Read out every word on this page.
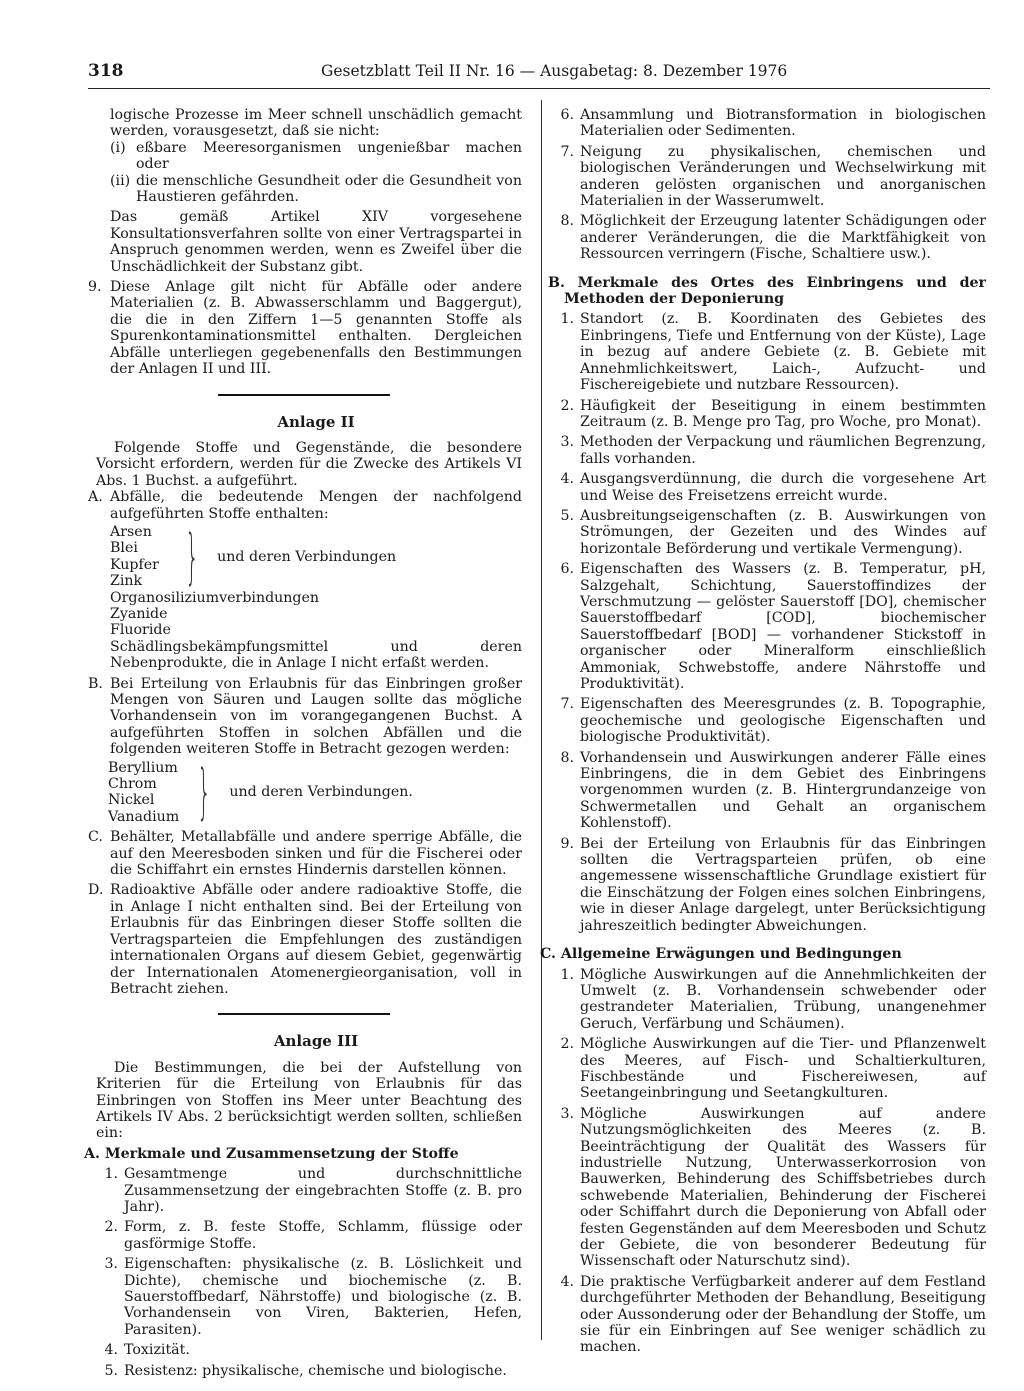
318	Gesetzblatt Teil II Nr. 16 — Ausgabetag: 8. Dezember 1976

logische Prozesse im Meer schnell unschädlich gemacht werden, vorausgesetzt, daß sie nicht:

(i) eßbare Meeresorganismen ungenießbar machen oder
(ii) die menschliche Gesundheit oder die Gesundheit von Haustieren gefährden.

Das gemäß Artikel XIV vorgesehene Konsultationsverfahren sollte von einer Vertragspartei in Anspruch genommen werden, wenn es Zweifel über die Unschädlichkeit der Substanz gibt.

9. Diese Anlage gilt nicht für Abfälle oder andere Materialien (z. B. Abwasserschlamm und Baggergut), die die in den Ziffern 1—5 genannten Stoffe als Spurenkontaminationsmittel enthalten. Dergleichen Abfälle unterliegen gegebenenfalls den Bestimmungen der Anlagen II und III.
Anlage II

Folgende Stoffe und Gegenstände, die besondere Vorsicht erfordern, werden für die Zwecke des Artikels VI Abs. 1 Buchst. a aufgeführt.

A. Abfälle, die bedeutende Mengen der nachfolgend aufgeführten Stoffe enthalten:
Arsen
Blei
Kupfer
Zink } und deren Verbindungen
Organosiliziumverbindungen
Zyanide
Fluoride

Schädlingsbekämpfungsmittel und deren Nebenprodukte, die in Anlage I nicht erfaßt werden.

B. Bei Erteilung von Erlaubnis für das Einbringen großer Mengen von Säuren und Laugen sollte das mögliche Vorhandensein von im vorangegangenen Buchst. A aufgeführten Stoffen in solchen Abfällen und die folgenden weiteren Stoffe in Betracht gezogen werden:
Beryllium
Chrom
Nickel
Vanadium } und deren Verbindungen.
C. Behälter, Metallabfälle und andere sperrige Abfälle, die auf den Meeresboden sinken und für die Fischerei oder die Schiffahrt ein ernstes Hindernis darstellen können.
D. Radioaktive Abfälle oder andere radioaktive Stoffe, die in Anlage I nicht enthalten sind. Bei der Erteilung von Erlaubnis für das Einbringen dieser Stoffe sollten die Vertragsparteien die Empfehlungen des zuständigen internationalen Organs auf diesem Gebiet, gegenwärtig der Internationalen Atomenergieorganisation, voll in Betracht ziehen.
Anlage III

Die Bestimmungen, die bei der Aufstellung von Kriterien für die Erteilung von Erlaubnis für das Einbringen von Stoffen ins Meer unter Beachtung des Artikels IV Abs. 2 berücksichtigt werden sollten, schließen ein:

A. Merkmale und Zusammensetzung der Stoffe
1. Gesamtmenge und durchschnittliche Zusammensetzung der eingebrachten Stoffe (z. B. pro Jahr).
2. Form, z. B. feste Stoffe, Schlamm, flüssige oder gasförmige Stoffe.
3. Eigenschaften: physikalische (z. B. Löslichkeit und Dichte), chemische und biochemische (z. B. Sauerstoffbedarf, Nährstoffe) und biologische (z. B. Vorhandensein von Viren, Bakterien, Hefen, Parasiten).
4. Toxizität.
5. Resistenz: physikalische, chemische und biologische.
6. Ansammlung und Biotransformation in biologischen Materialien oder Sedimenten.
7. Neigung zu physikalischen, chemischen und biologischen Veränderungen und Wechselwirkung mit anderen gelösten organischen und anorganischen Materialien in der Wasserumwelt.
8. Möglichkeit der Erzeugung latenter Schädigungen oder anderer Veränderungen, die die Marktfähigkeit von Ressourcen verringern (Fische, Schaltiere usw.).
B. Merkmale des Ortes des Einbringens und der Methoden der Deponierung
1. Standort (z. B. Koordinaten des Gebietes des Einbringens, Tiefe und Entfernung von der Küste), Lage in bezug auf andere Gebiete (z. B. Gebiete mit Annehmlichkeitswert, Laich-, Aufzucht- und Fischereigebiete und nutzbare Ressourcen).
2. Häufigkeit der Beseitigung in einem bestimmten Zeitraum (z. B. Menge pro Tag, pro Woche, pro Monat).
3. Methoden der Verpackung und räumlichen Begrenzung, falls vorhanden.
4. Ausgangsverdünnung, die durch die vorgesehene Art und Weise des Freisetzens erreicht wurde.
5. Ausbreitungseigenschaften (z. B. Auswirkungen von Strömungen, der Gezeiten und des Windes auf horizontale Beförderung und vertikale Vermengung).
6. Eigenschaften des Wassers (z. B. Temperatur, pH, Salzgehalt, Schichtung, Sauerstoffindizes der Verschmutzung — gelöster Sauerstoff [DO], chemischer Sauerstoffbedarf [COD], biochemischer Sauerstoffbedarf [BOD] — vorhandener Stickstoff in organischer oder Mineralform einschließlich Ammoniak, Schwebstoffe, andere Nährstoffe und Produktivität).
7. Eigenschaften des Meeresgrundes (z. B. Topographie, geochemische und geologische Eigenschaften und biologische Produktivität).
8. Vorhandensein und Auswirkungen anderer Fälle eines Einbringens, die in dem Gebiet des Einbringens vorgenommen wurden (z. B. Hintergrundanzeige von Schwermetallen und Gehalt an organischem Kohlenstoff).
9. Bei der Erteilung von Erlaubnis für das Einbringen sollten die Vertragsparteien prüfen, ob eine angemessene wissenschaftliche Grundlage existiert für die Einschätzung der Folgen eines solchen Einbringens, wie in dieser Anlage dargelegt, unter Berücksichtigung jahreszeitlich bedingter Abweichungen.
C. Allgemeine Erwägungen und Bedingungen
1. Mögliche Auswirkungen auf die Annehmlichkeiten der Umwelt (z. B. Vorhandensein schwebender oder gestrandeter Materialien, Trübung, unangenehmer Geruch, Verfärbung und Schäumen).
2. Mögliche Auswirkungen auf die Tier- und Pflanzenwelt des Meeres, auf Fisch- und Schaltierkulturen, Fischbestände und Fischereiwesen, auf Seetangeinbringung und Seetangkulturen.
3. Mögliche Auswirkungen auf andere Nutzungsmöglichkeiten des Meeres (z. B. Beeinträchtigung der Qualität des Wassers für industrielle Nutzung, Unterwasserkorrosion von Bauwerken, Behinderung des Schiffsbetriebes durch schwebende Materialien, Behinderung der Fischerei oder Schiffahrt durch die Deponierung von Abfall oder festen Gegenständen auf dem Meeresboden und Schutz der Gebiete, die von besonderer Bedeutung für Wissenschaft oder Naturschutz sind).
4. Die praktische Verfügbarkeit anderer auf dem Festland durchgeführter Methoden der Behandlung, Beseitigung oder Aussonderung oder der Behandlung der Stoffe, um sie für ein Einbringen auf See weniger schädlich zu machen.
